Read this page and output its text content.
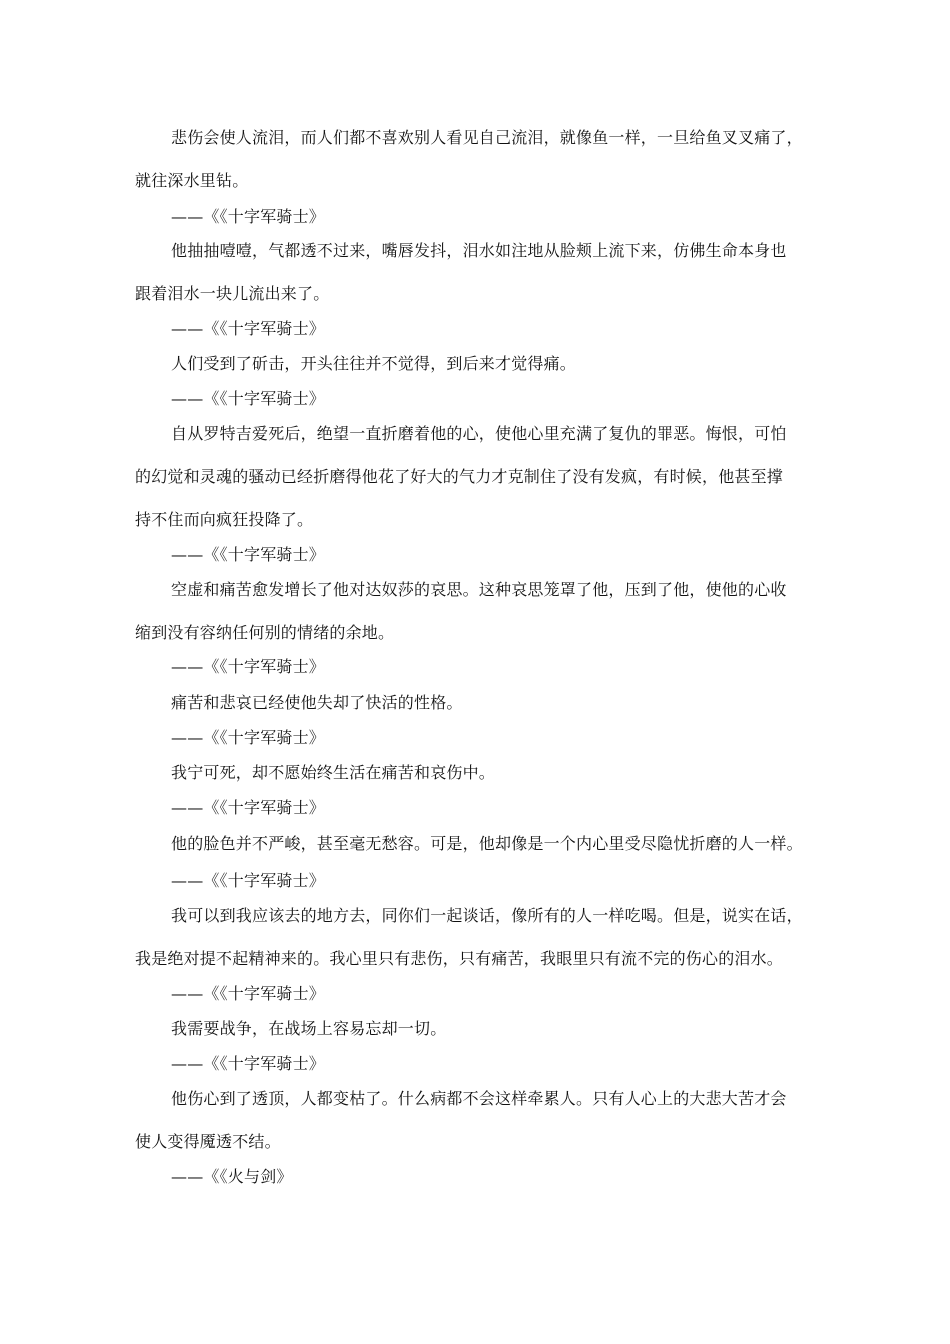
悲伤会使人流泪，而人们都不喜欢别人看见自己流泪，就像鱼一样，一旦给鱼叉叉痛了，
就往深水里钻。
——《《十字军骑士》
他抽抽噎噎，气都透不过来，嘴唇发抖，泪水如注地从脸颊上流下来，仿佛生命本身也
跟着泪水一块儿流出来了。
——《《十字军骑士》
人们受到了斫击，开头往往并不觉得，到后来才觉得痛。
——《《十字军骑士》
自从罗特吉爱死后，绝望一直折磨着他的心，使他心里充满了复仇的罪恶。悔恨，可怕
的幻觉和灵魂的骚动已经折磨得他花了好大的气力才克制住了没有发疯，有时候，他甚至撑
持不住而向疯狂投降了。
——《《十字军骑士》
空虚和痛苦愈发增长了他对达奴莎的哀思。这种哀思笼罩了他，压到了他，使他的心收
缩到没有容纳任何别的情绪的余地。
——《《十字军骑士》
痛苦和悲哀已经使他失却了快活的性格。
——《《十字军骑士》
我宁可死，却不愿始终生活在痛苦和哀伤中。
——《《十字军骑士》
他的脸色并不严峻，甚至毫无愁容。可是，他却像是一个内心里受尽隐忧折磨的人一样。
——《《十字军骑士》
我可以到我应该去的地方去，同你们一起谈话，像所有的人一样吃喝。但是，说实在话，
我是绝对提不起精神来的。我心里只有悲伤，只有痛苦，我眼里只有流不完的伤心的泪水。
——《《十字军骑士》
我需要战争，在战场上容易忘却一切。
——《《十字军骑士》
他伤心到了透顶，人都变枯了。什么病都不会这样牵累人。只有人心上的大悲大苦才会
使人变得魇透不结。
——《《火与剑》
